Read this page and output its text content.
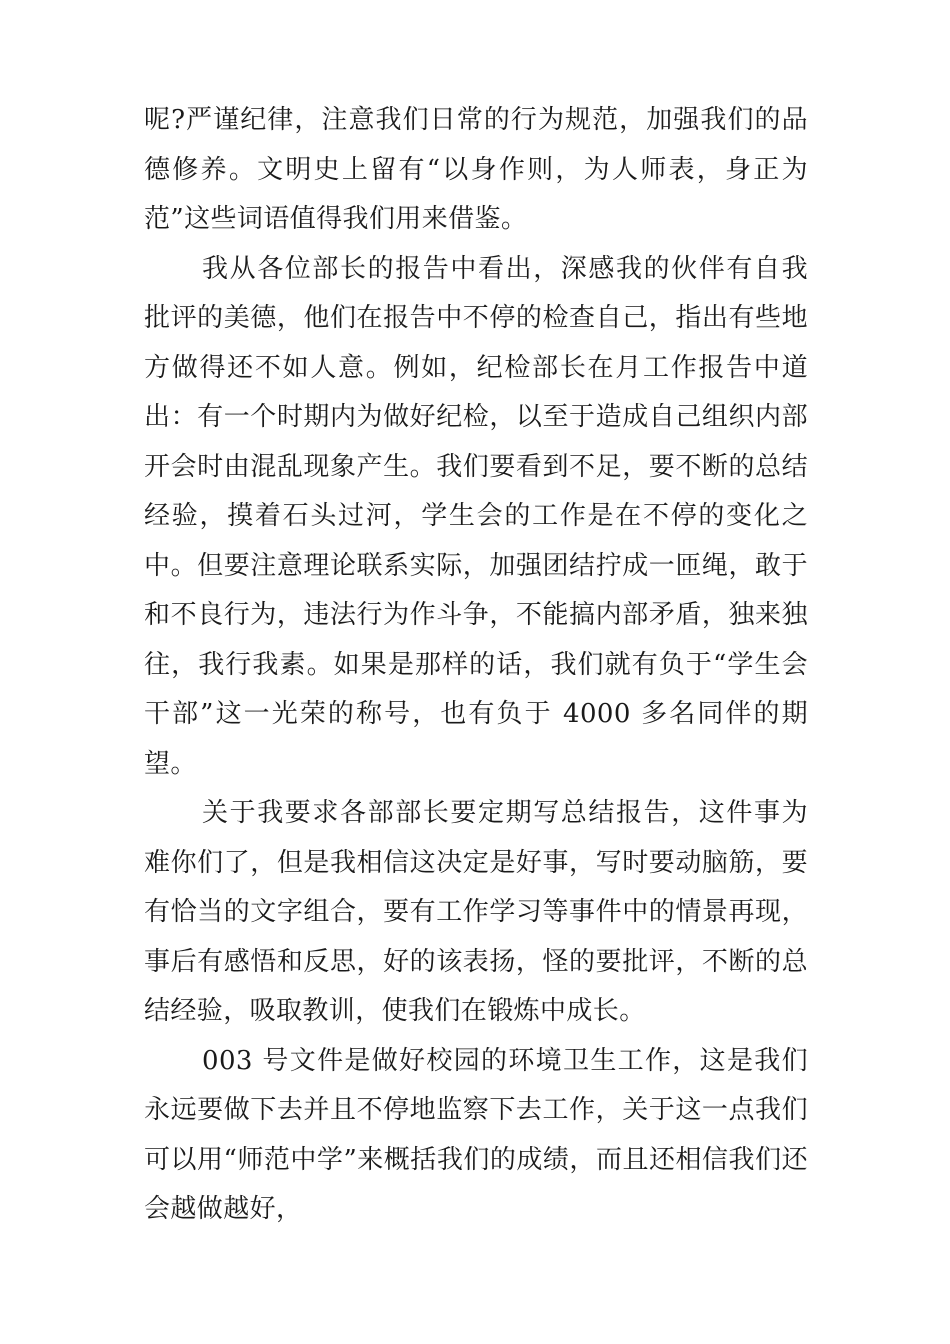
呢?严谨纪律，注意我们日常的行为规范，加强我们的品德修养。文明史上留有“以身作则，为人师表，身正为范”这些词语值得我们用来借鉴。

我从各位部长的报告中看出，深感我的伙伴有自我批评的美德，他们在报告中不停的检查自己，指出有些地方做得还不如人意。例如，纪检部长在月工作报告中道出：有一个时期内为做好纪检，以至于造成自己组织内部开会时由混乱现象产生。我们要看到不足，要不断的总结经验，摸着石头过河，学生会的工作是在不停的变化之中。但要注意理论联系实际，加强团结拧成一匝绳，敢于和不良行为，违法行为作斗争，不能搞内部矛盾，独来独往，我行我素。如果是那样的话，我们就有负于“学生会干部”这一光荣的称号，也有负于 4000 多名同伴的期望。

关于我要求各部部长要定期写总结报告，这件事为难你们了，但是我相信这决定是好事，写时要动脑筋，要有恰当的文字组合，要有工作学习等事件中的情景再现，事后有感悟和反思，好的该表扬，怪的要批评，不断的总结经验，吸取教训，使我们在锻炼中成长。

003 号文件是做好校园的环境卫生工作，这是我们永远要做下去并且不停地监察下去工作，关于这一点我们可以用“师范中学”来概括我们的成绩，而且还相信我们还会越做越好，
